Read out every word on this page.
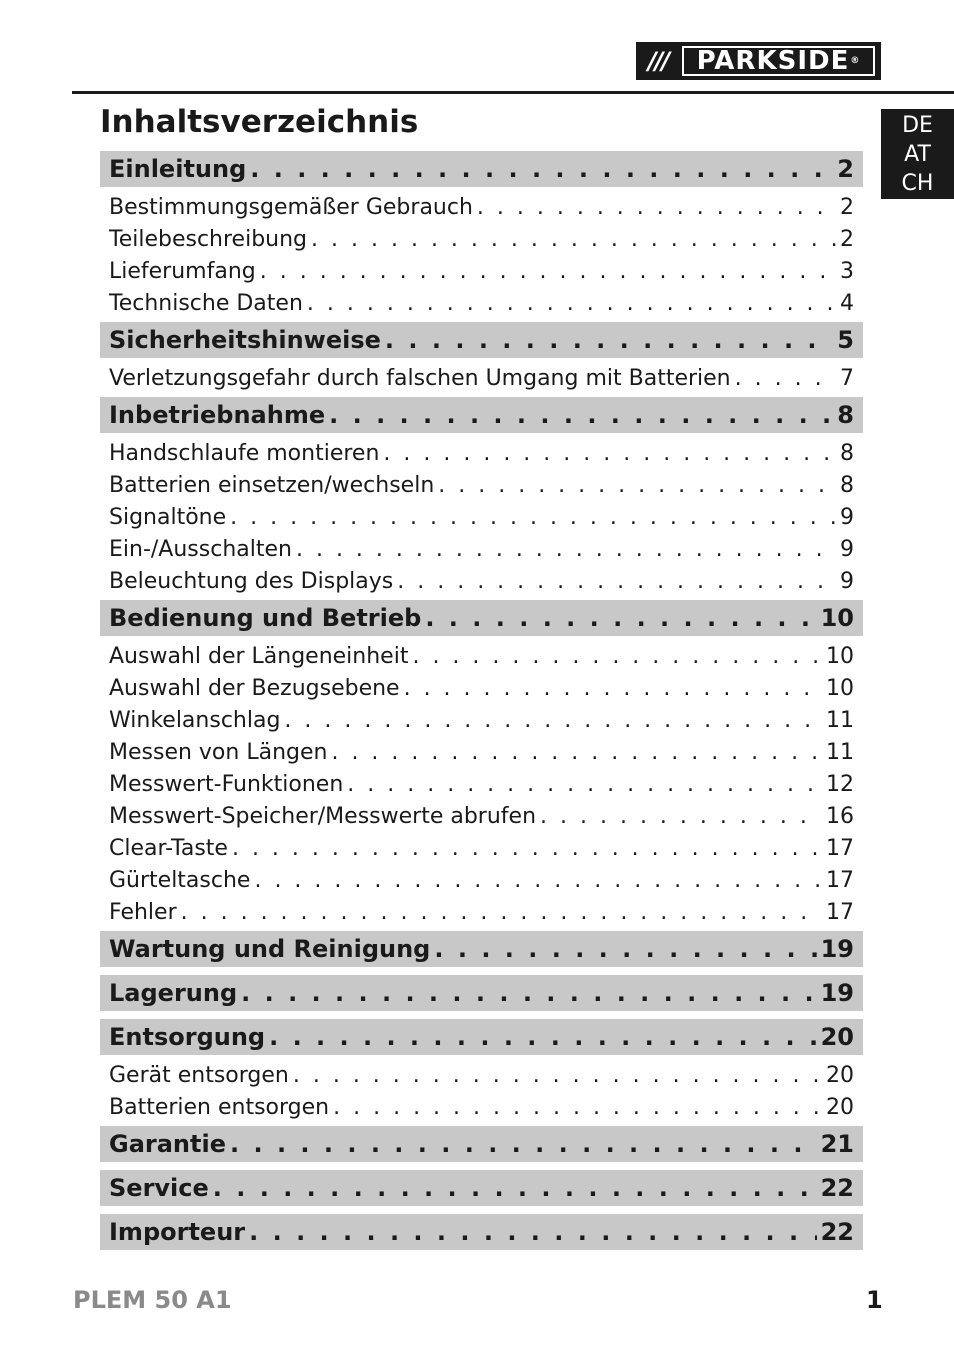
///	PARKSIDE ®
DE
AT
CH
Inhaltsverzeichnis
Einleitung . . .	2
Bestimmungsgemäßer Gebrauch . . .	2
Teilebeschreibung . . .	2
Lieferumfang . . .	3
Technische Daten . . .	4
Sicherheitshinweise . . .	5
Verletzungsgefahr durch falschen Umgang mit Batterien . . .	7
Inbetriebnahme . . .	8
Handschlaufe montieren . . .	8
Batterien einsetzen/wechseln . . .	8
Signaltöne . . .	9
Ein-/Ausschalten . . .	9
Beleuchtung des Displays . . .	9
Bedienung und Betrieb . . .	10
Auswahl der Längeneinheit . . .	10
Auswahl der Bezugsebene . . .	10
Winkelanschlag . . .	11
Messen von Längen . . .	11
Messwert-Funktionen . . .	12
Messwert-Speicher/Messwerte abrufen . . .	16
Clear-Taste . . .	17
Gürteltasche . . .	17
Fehler . . .	17
Wartung und Reinigung . . .	19
Lagerung . . .	19
Entsorgung . . .	20
Gerät entsorgen . . .	20
Batterien entsorgen . . .	20
Garantie . . .	21
Service . . .	22
Importeur . . .	22
PLEM 50 A1	1
